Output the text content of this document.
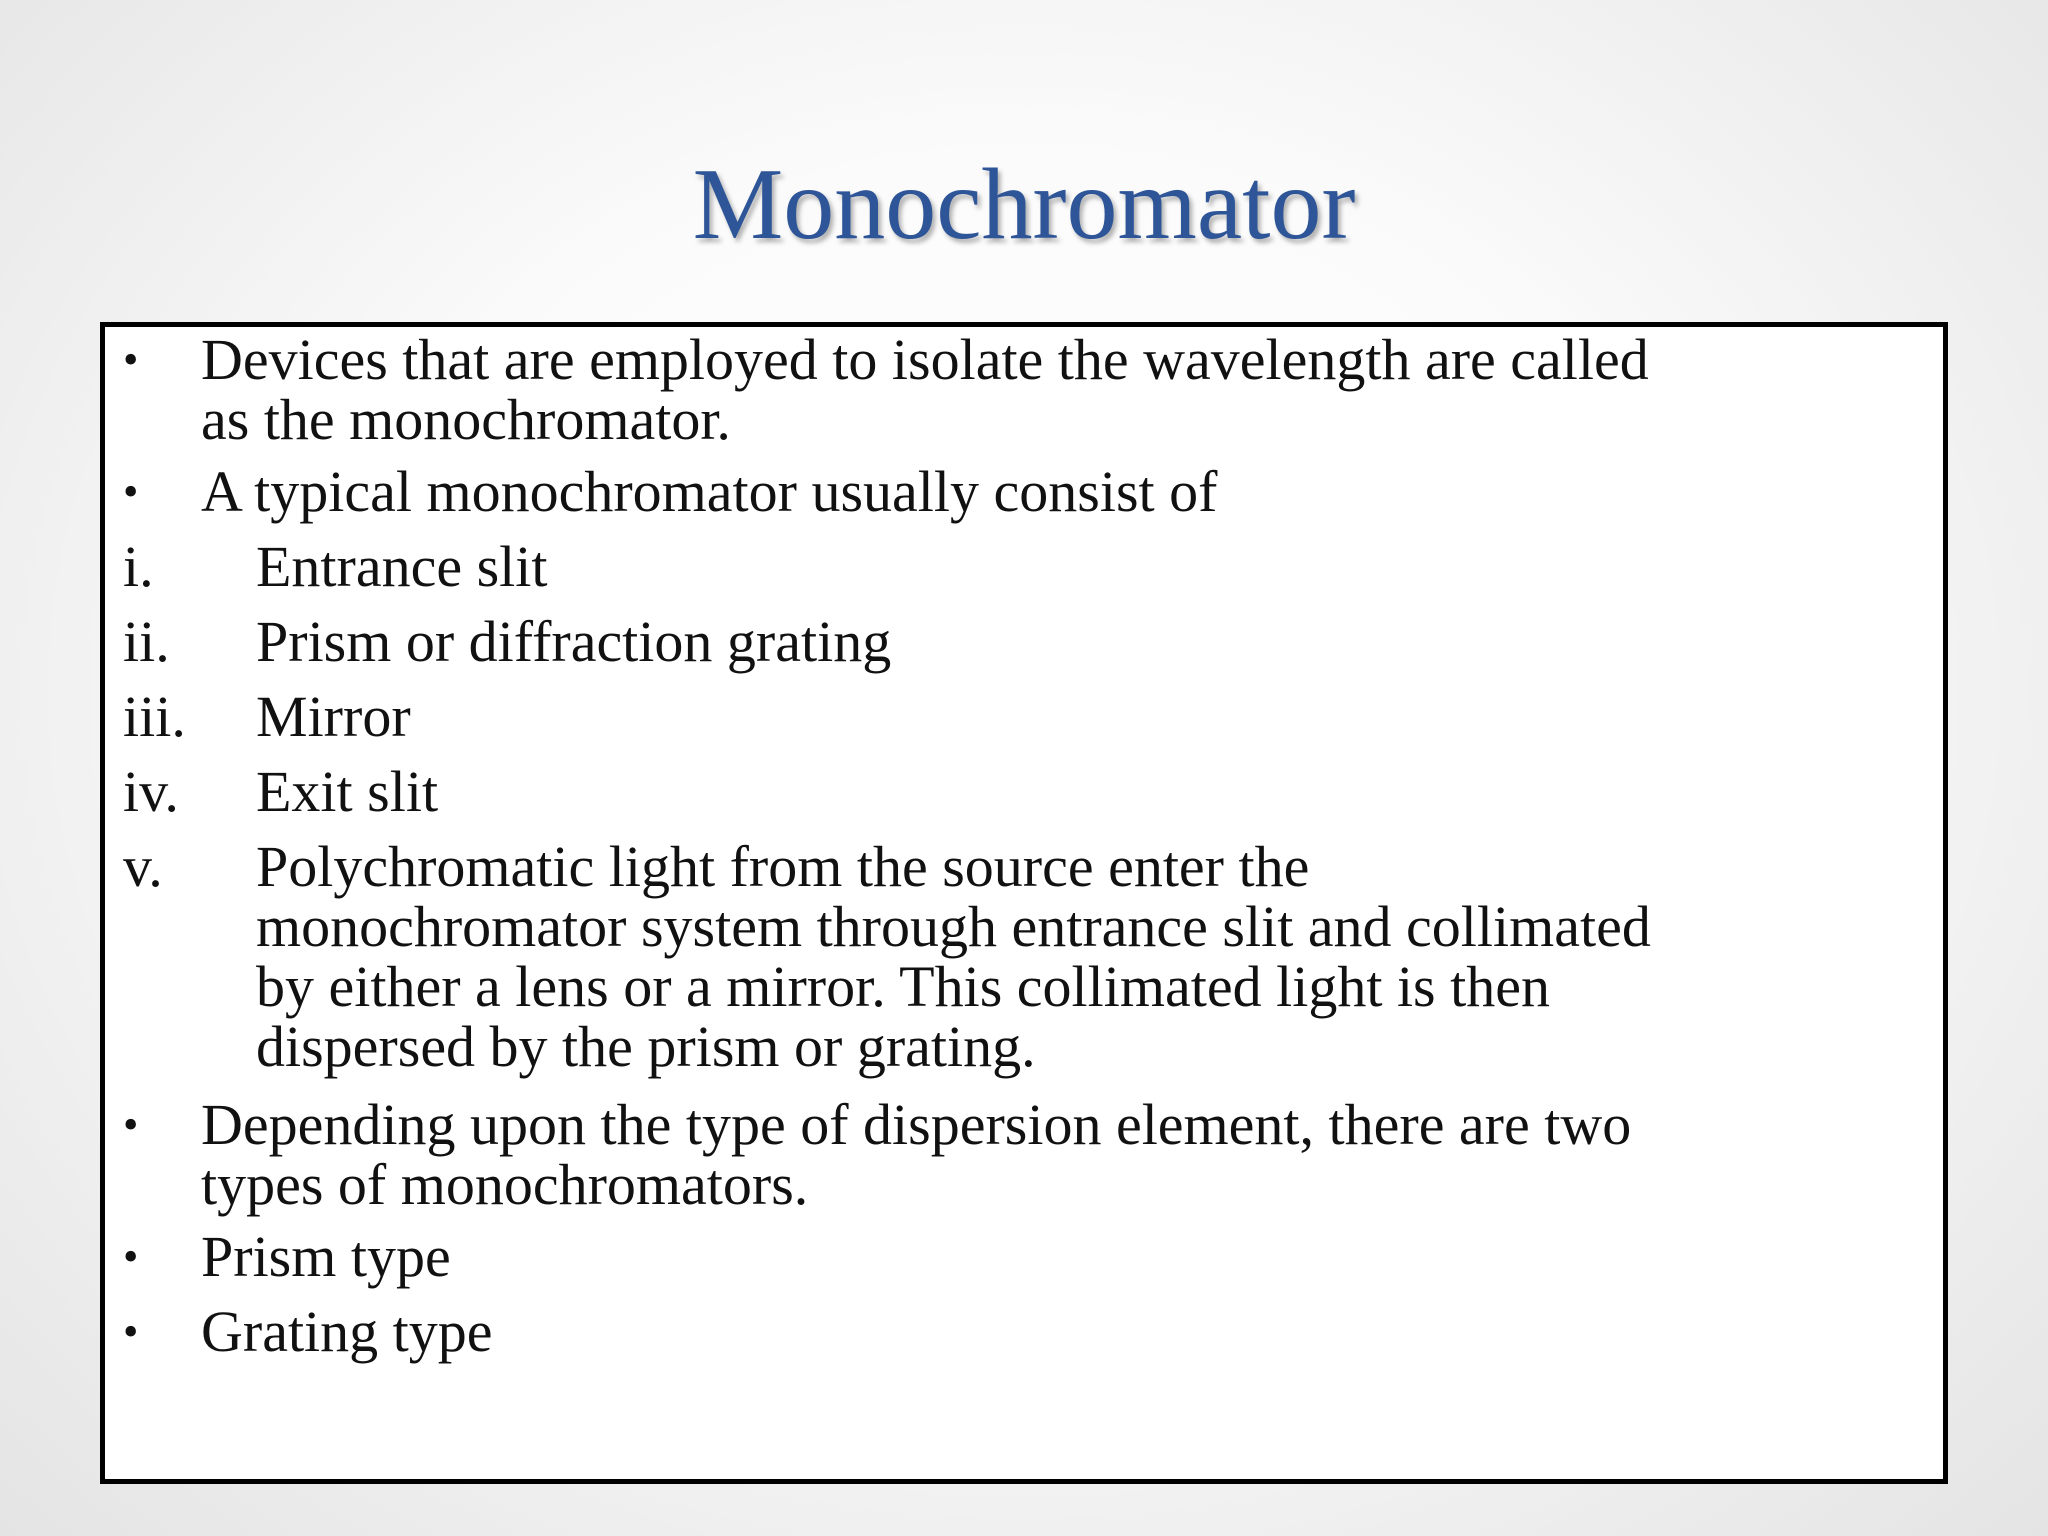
Monochromator
• Devices that are employed to isolate the wavelength are called
as the monochromator.
• A typical monochromator usually consist of
i. Entrance slit
ii. Prism or diffraction grating
iii. Mirror
iv. Exit slit
v. Polychromatic light from the source enter the
monochromator system through entrance slit and collimated
by either a lens or a mirror. This collimated light is then
dispersed by the prism or grating.
• Depending upon the type of dispersion element, there are two
types of monochromators.
• Prism type
• Grating type
